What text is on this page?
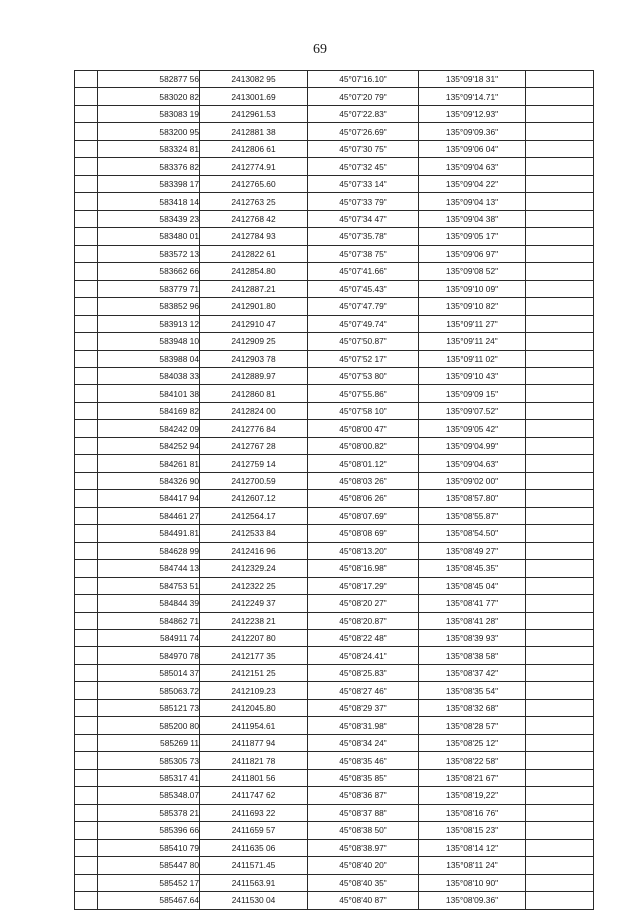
69
	582877 56	2413082 95	45°07'16.10"	135°09'18 31"	
	583020 82	2413001.69	45°07'20 79"	135°09'14.71"	
	583083 19	2412961.53	45°07'22.83"	135°09'12.93"	
	583200 95	2412881 38	45°07'26.69"	135°09'09.36"	
	583324 81	2412806 61	45°07'30 75"	135°09'06 04"	
	583376 82	2412774.91	45°07'32 45"	135°09'04 63"	
	583398 17	2412765.60	45°07'33 14"	135°09'04 22"	
	583418 14	2412763 25	45°07'33 79"	135°09'04 13"	
	583439 23	2412768 42	45°07'34 47"	135°09'04 38"	
	583480 01	2412784 93	45°07'35.78"	135°09'05 17"	
	583572 13	2412822 61	45°07'38 75"	135°09'06 97"	
	583662 66	2412854.80	45°07'41.66"	135°09'08 52"	
	583779 71	2412887.21	45°07'45.43"	135°09'10 09"	
	583852 96	2412901.80	45°07'47.79"	135°09'10 82"	
	583913 12	2412910 47	45°07'49.74"	135°09'11 27"	
	583948 10	2412909 25	45°07'50.87"	135°09'11 24"	
	583988 04	2412903 78	45°07'52 17"	135°09'11 02"	
	584038 33	2412889.97	45°07'53 80"	135°09'10 43"	
	584101 38	2412860 81	45°07'55.86"	135°09'09 15"	
	584169 82	2412824 00	45°07'58 10"	135°09'07.52"	
	584242 09	2412776 84	45°08'00 47"	135°09'05 42"	
	584252 94	2412767 28	45°08'00.82"	135°09'04.99"	
	584261 81	2412759 14	45°08'01.12"	135°09'04.63"	
	584326 90	2412700.59	45°08'03 26"	135°09'02 00"	
	584417 94	2412607.12	45°08'06 26"	135°08'57.80"	
	584461 27	2412564.17	45°08'07.69"	135°08'55.87"	
	584491.81	2412533 84	45°08'08 69"	135°08'54.50"	
	584628 99	2412416 96	45°08'13.20"	135°08'49 27"	
	584744 13	2412329.24	45°08'16.98"	135°08'45.35"	
	584753 51	2412322 25	45°08'17.29"	135°08'45 04"	
	584844 39	2412249 37	45°08'20 27"	135°08'41 77"	
	584862 71	2412238 21	45°08'20.87"	135°08'41 28"	
	584911 74	2412207 80	45°08'22 48"	135°08'39 93"	
	584970 78	2412177 35	45°08'24.41"	135°08'38 58"	
	585014 37	2412151 25	45°08'25.83"	135°08'37 42"	
	585063.72	2412109.23	45°08'27 46"	135°08'35 54"	
	585121 73	2412045.80	45°08'29 37"	135°08'32 68"	
	585200 80	2411954.61	45°08'31.98"	135°08'28 57"	
	585269 11	2411877 94	45°08'34 24"	135°08'25 12"	
	585305 73	2411821 78	45°08'35 46"	135°08'22 58"	
	585317 41	2411801 56	45°08'35 85"	135°08'21 67"	
	585348.07	2411747 62	45°08'36 87"	135°08'19,22"	
	585378 21	2411693 22	45°08'37 88"	135°08'16 76"	
	585396 66	2411659 57	45°08'38 50"	135°08'15 23"	
	585410 79	2411635 06	45°08'38.97"	135°08'14 12"	
	585447 80	2411571.45	45°08'40 20"	135°08'11 24"	
	585452 17	2411563.91	45°08'40 35"	135°08'10 90"	
	585467.64	2411530 04	45°08'40 87"	135°08'09.36"	
